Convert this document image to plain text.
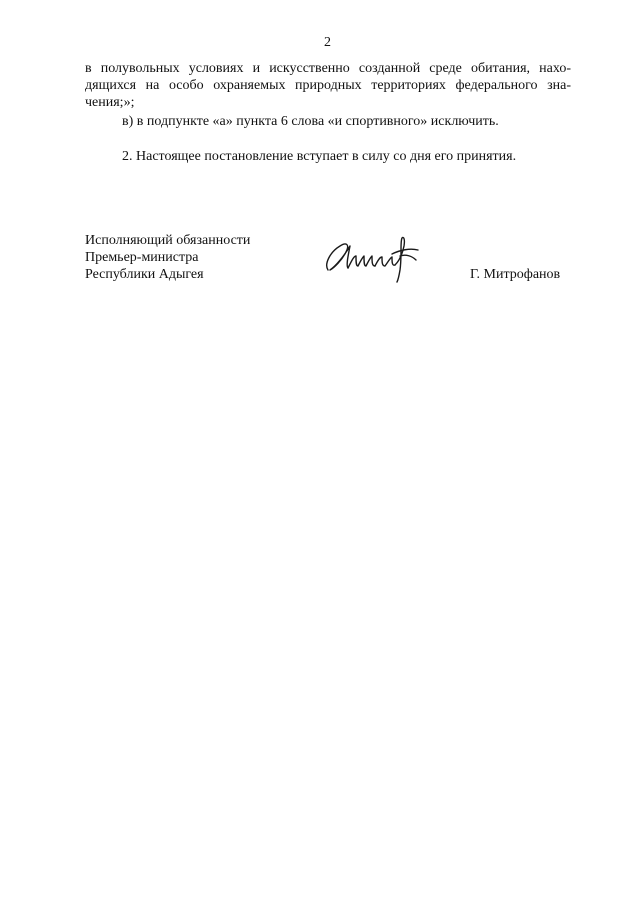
2
в полувольных условиях и искусственно созданной среде обитания, нахо-
дящихся на особо охраняемых природных территориях федерального зна-
чения;»;
в) в подпункте «а» пункта 6 слова «и спортивного» исключить.
2. Настоящее постановление вступает в силу со дня его принятия.
Исполняющий обязанности
Премьер-министра
Республики Адыгея	Г. Митрофанов
